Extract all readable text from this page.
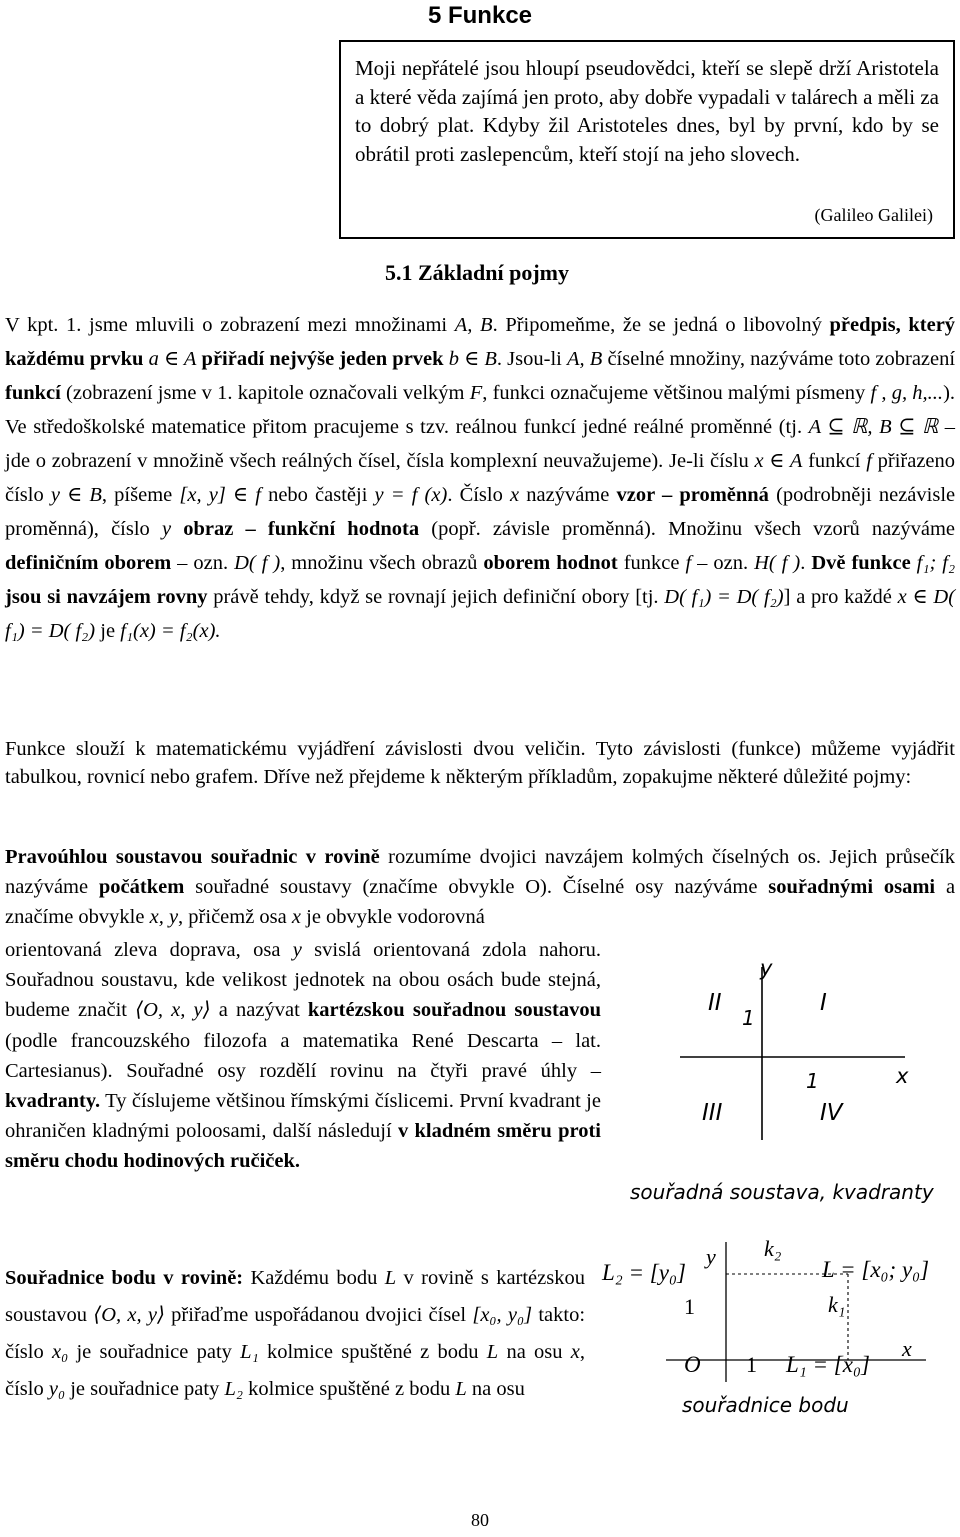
5 Funkce

Moji nepřátelé jsou hloupí pseudovědci, kteří se slepě drží Aristotela a které věda zajímá jen proto, aby dobře vypadali v talárech a měli za to dobrý plat. Kdyby žil Aristoteles dnes, byl by první, kdo by se obrátil proti zaslepencům, kteří stojí na jeho slovech.

(Galileo Galilei)
5.1 Základní pojmy

V kpt. 1. jsme mluvili o zobrazení mezi množinami A, B. Připomeňme, že se jedná o libovolný předpis, který každému prvku a ∈ A přiřadí nejvýše jeden prvek b ∈ B. Jsou-li A, B číselné množiny, nazýváme toto zobrazení funkcí (zobrazení jsme v 1. kapitole označovali velkým F, funkci označujeme většinou malými písmeny f , g, h,...). Ve středoškolské matematice přitom pracujeme s tzv. reálnou funkcí jedné reálné proměnné (tj. A ⊆ ℝ, B ⊆ ℝ – jde o zobrazení v množině všech reálných čísel, čísla komplexní neuvažujeme). Je-li číslu x ∈ A funkcí f přiřazeno číslo y ∈ B, píšeme [x, y] ∈ f nebo častěji y = f (x). Číslo x nazýváme vzor – proměnná (podrobněji nezávisle proměnná), číslo y obraz – funkční hodnota (popř. závisle proměnná). Množinu všech vzorů nazýváme definičním oborem – ozn. D( f ), množinu všech obrazů oborem hodnot funkce f – ozn. H( f ). Dvě funkce f₁; f₂ jsou si navzájem rovny právě tehdy, když se rovnají jejich definiční obory [tj. D( f₁) = D( f₂)] a pro každé x ∈ D( f₁) = D( f₂) je f₁(x) = f₂(x).

Funkce slouží k matematickému vyjádření závislosti dvou veličin. Tyto závislosti (funkce) můžeme vyjádřit tabulkou, rovnicí nebo grafem. Dříve než přejdeme k některým příkladům, zopakujme některé důležité pojmy:

Pravoúhlou soustavou souřadnic v rovině rozumíme dvojici navzájem kolmých číselných os. Jejich průsečík nazýváme počátkem souřadné soustavy (značíme obvykle O). Číselné osy nazýváme souřadnými osami a značíme obvykle x, y, přičemž osa x je obvykle vodorovná

orientovaná zleva doprava, osa y svislá orientovaná zdola nahoru. Souřadnou soustavu, kde velikost jednotek na obou osách bude stejná, budeme značit ⟨O, x, y⟩ a nazývat kartézskou souřadnou soustavou (podle francouzského filozofa a matematika René Descarta – lat. Cartesianus). Souřadné osy rozdělí rovinu na čtyři pravé úhly – kvadranty. Ty číslujeme většinou římskými číslicemi. První kvadrant je ohraničen kladnými poloosami, další následují v kladném směru proti směru chodu hodinových ručiček.

Souřadnice bodu v rovině: Každému bodu L v rovině s kartézskou soustavou ⟨O, x, y⟩ přiřaďme uspořádanou dvojici čísel [x₀, y₀] takto: číslo x₀ je souřadnice paty L₁ kolmice spuštěné z bodu L na osu x, číslo y₀ je souřadnice paty L₂ kolmice spuštěné z bodu L na osu

y
x
II	I
III	IV
1
1
souřadná soustava, kvadranty
y
x
k₂
k₁
L₂ = [y₀]	L = [x₀; y₀]
1
O 1 L₁ = [x₀]
souřadnice bodu
80
